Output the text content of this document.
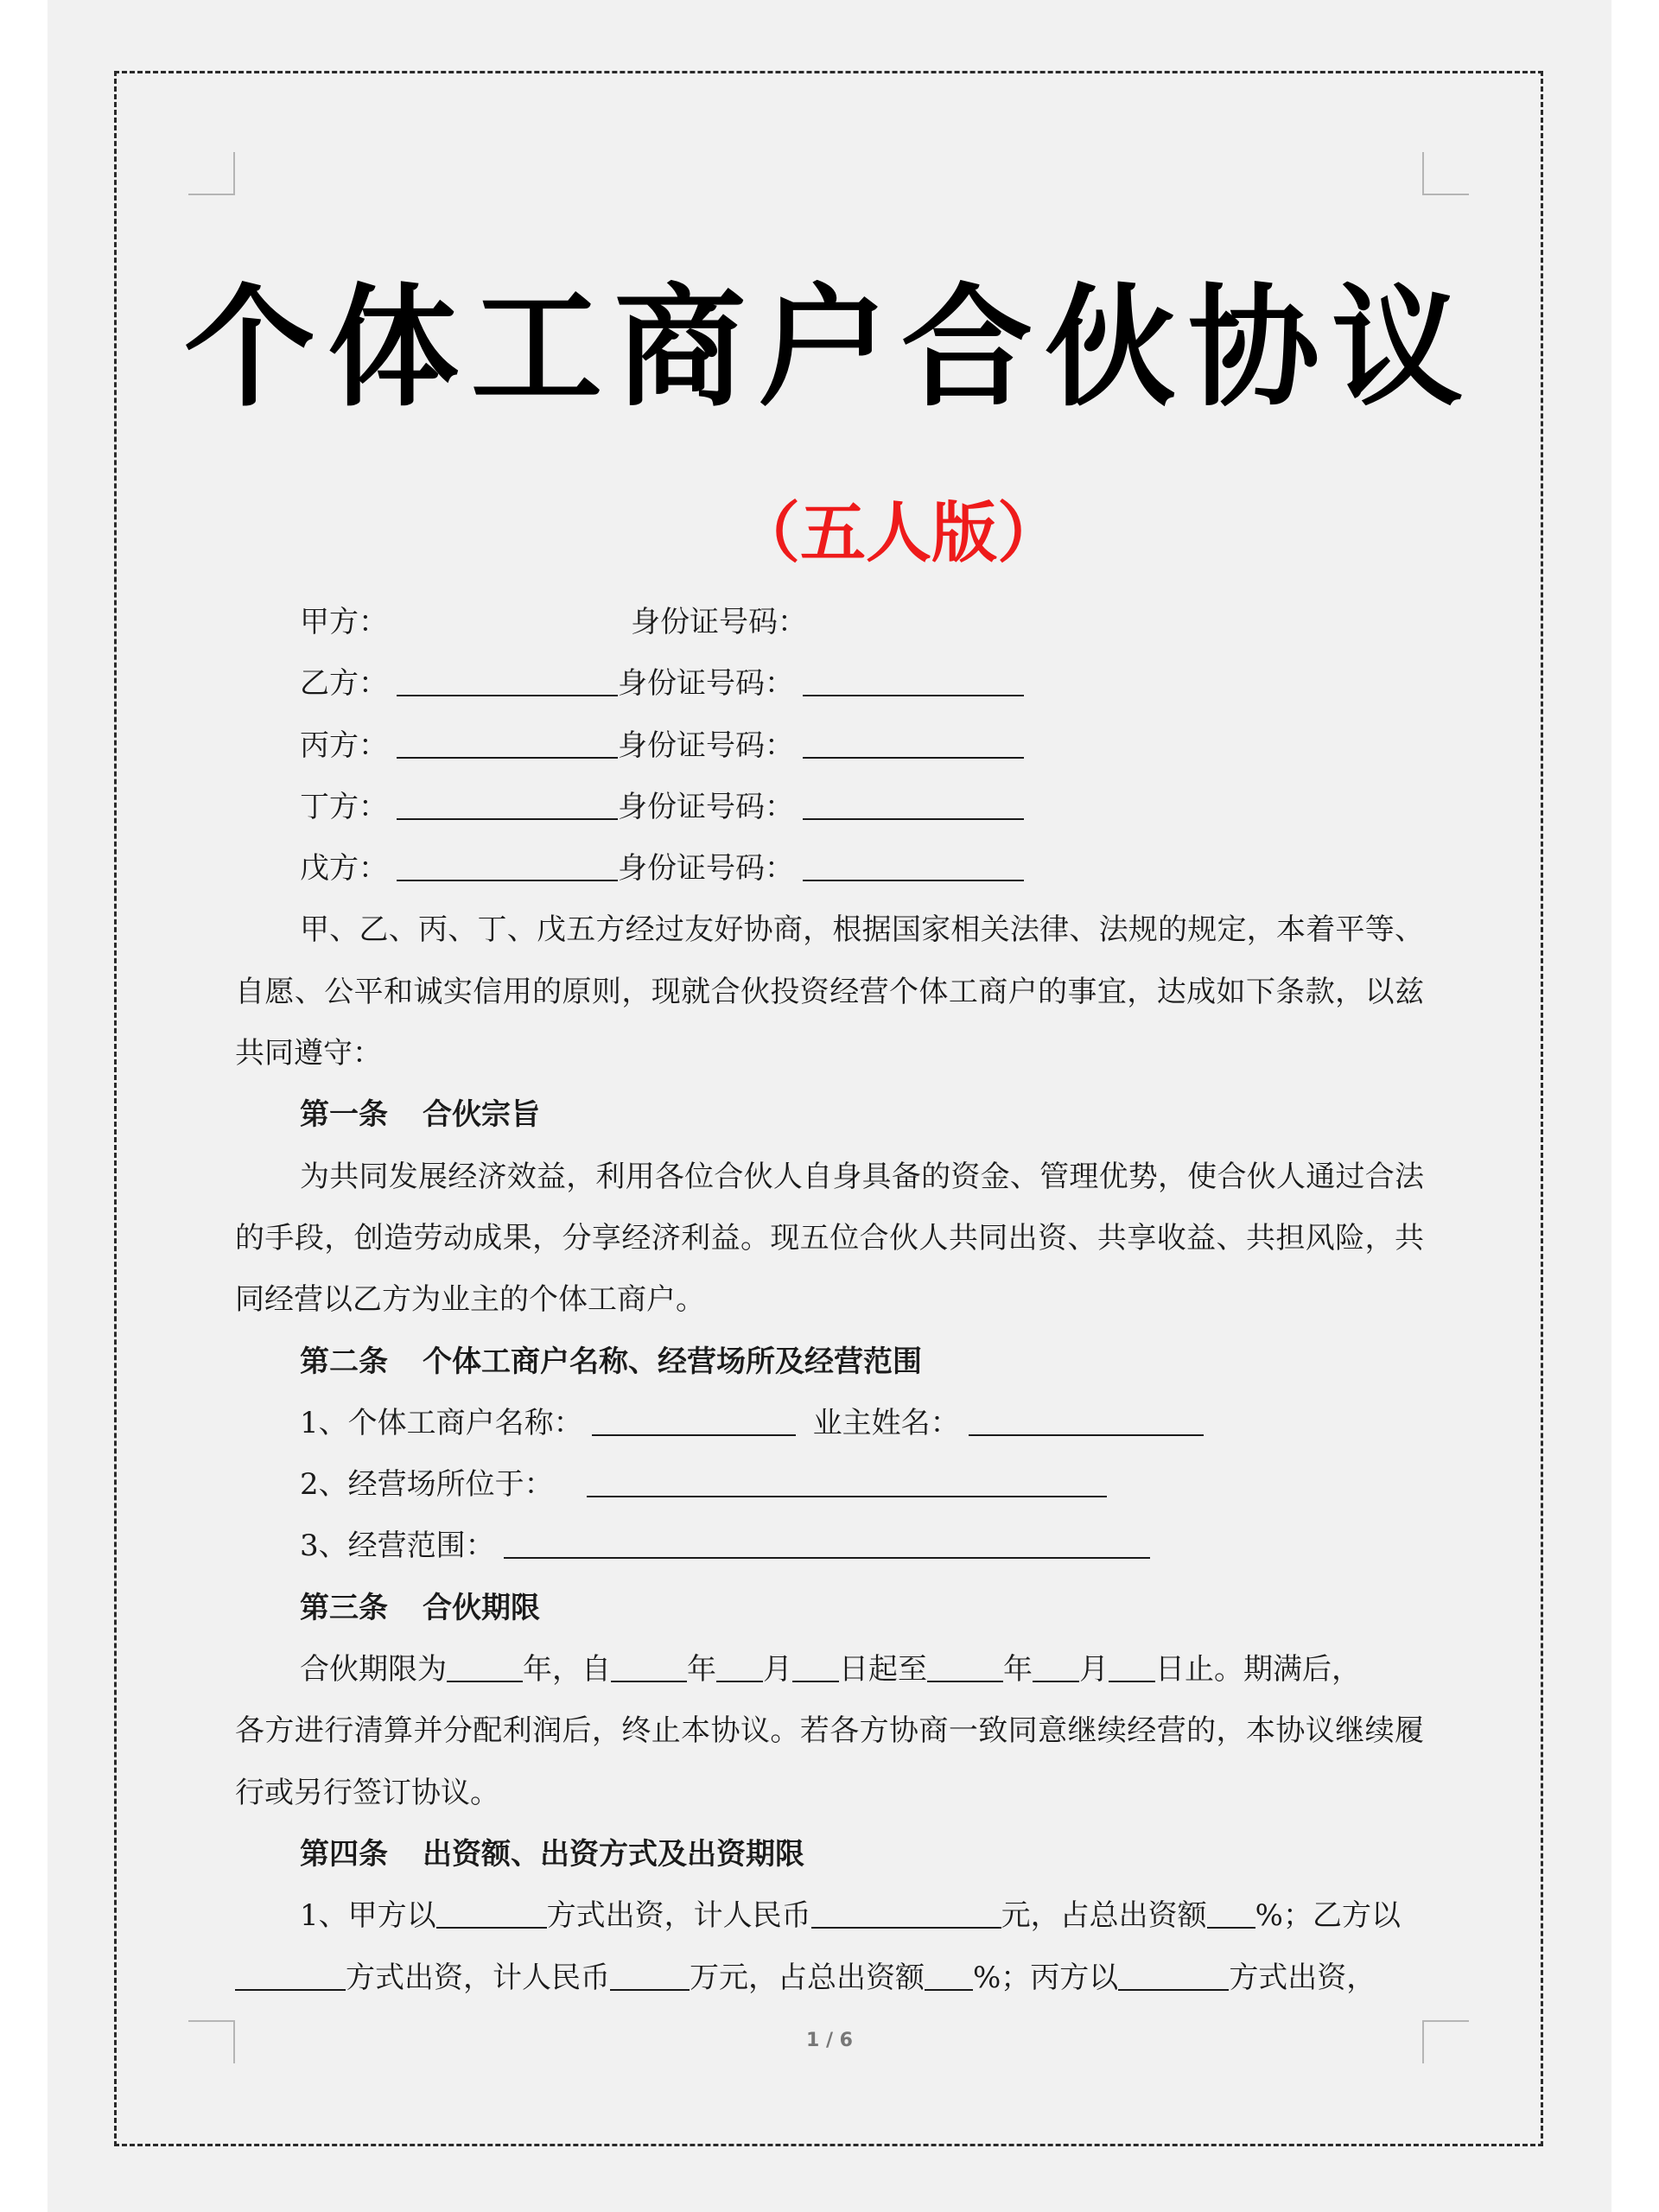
个体工商户合伙协议
（五人版）
甲方：	身份证号码：
乙方：	身份证号码：
丙方：	身份证号码：
丁方：	身份证号码：
戊方：	身份证号码：
甲、乙、丙、丁、戊五方经过友好协商，根据国家相关法律、法规的规定，本着平等、自愿、公平和诚实信用的原则，现就合伙投资经营个体工商户的事宜，达成如下条款，以兹共同遵守：
第一条 合伙宗旨
为共同发展经济效益，利用各位合伙人自身具备的资金、管理优势，使合伙人通过合法的手段，创造劳动成果，分享经济利益。现五位合伙人共同出资、共享收益、共担风险，共同经营以乙方为业主的个体工商户。
第二条 个体工商户名称、经营场所及经营范围
1、个体工商户名称：	业主姓名：
2、经营场所位于：
3、经营范围：
第三条 合伙期限
合伙期限为	年，自	年 月 日起至	年 月 日止。期满后，
各方进行清算并分配利润后，终止本协议。若各方协商一致同意继续经营的，本协议继续履行或另行签订协议。
第四条 出资额、出资方式及出资期限
1、甲方以	方式出资，计人民币	元，占总出资额 %；乙方以
方式出资，计人民币	万元，占总出资额 %；丙方以	方式出资，
1 / 6
